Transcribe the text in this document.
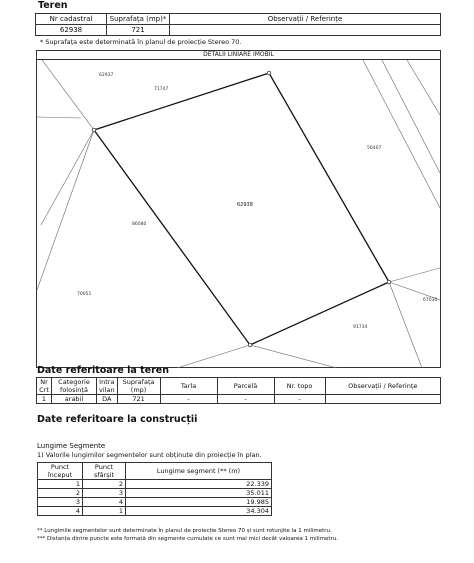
Teren
Nr cadastral	Suprafața (mp)*	Observații / Referințe
62938	721	
* Suprafața este determinată în planul de proiecție Stereo 70.
DETALII LINIARE IMOBIL
62937
71747
56407
62938
86080
70051
67030
91734
Date referitoare la teren
Nr Crt	Categorie folosință	Intra vilan	Suprafața (mp)	Tarla	Parcelă	Nr. topo	Observații / Referințe
1	arabil	DA	721	-	-	-	
Date referitoare la construcții
Lungime Segmente
1) Valorile lungimilor segmentelor sunt obținute din proiecție în plan.
Punct început	Punct sfârșit	Lungime segment (** (m)
1	2	22.339
2	3	35.011
3	4	19.985
4	1	34.304
** Lungimile segmentelor sunt determinate în planul de proiecție Stereo 70 și sunt rotunjite la 1 milimetru.
*** Distanța dintre puncte este formată din segmente cumulate ce sunt mai mici decât valoarea 1 milimetru.
